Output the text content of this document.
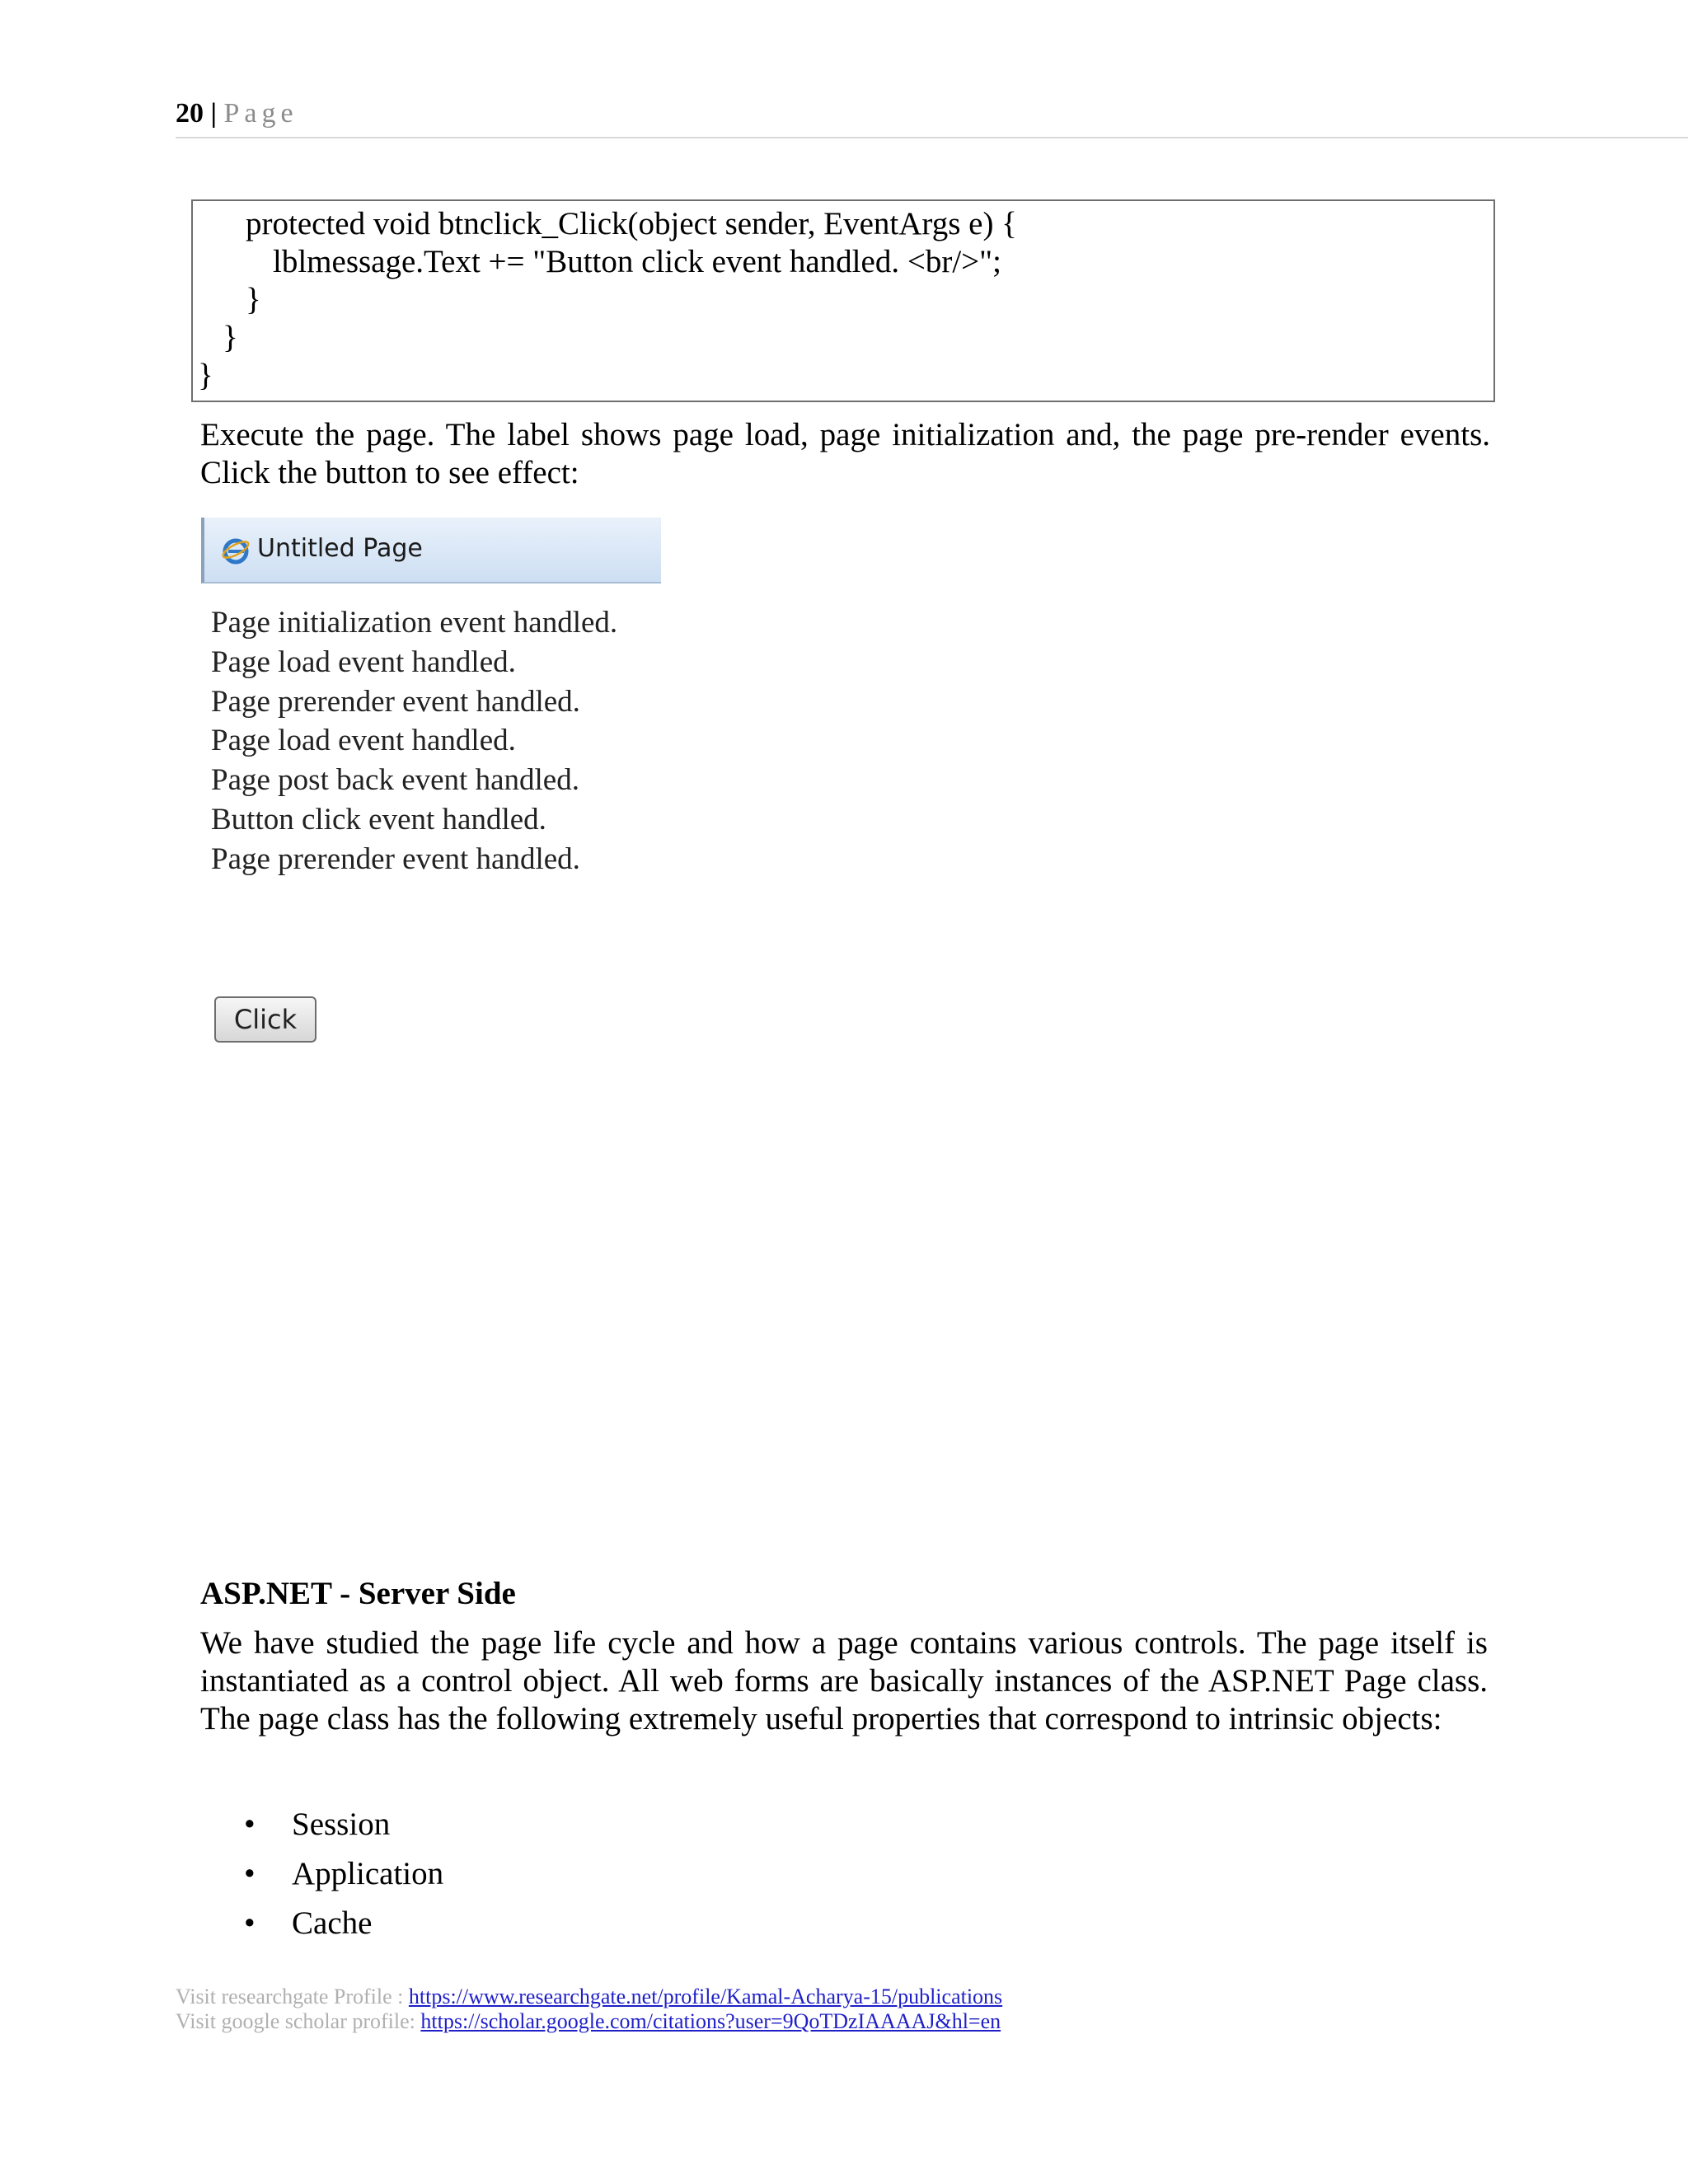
20 | Page
protected void btnclick_Click(object sender, EventArgs e) {
lblmessage.Text += "Button click event handled. <br/>";
}
}
}
Execute the page. The label shows page load, page initialization and, the page pre-render events. Click the button to see effect:
Untitled Page
Page initialization event handled.
Page load event handled.
Page prerender event handled.
Page load event handled.
Page post back event handled.
Button click event handled.
Page prerender event handled.
Click
ASP.NET - Server Side
We have studied the page life cycle and how a page contains various controls. The page itself is instantiated as a control object. All web forms are basically instances of the ASP.NET Page class. The page class has the following extremely useful properties that correspond to intrinsic objects:
• Session
• Application
• Cache
Visit researchgate Profile : https://www.researchgate.net/profile/Kamal-Acharya-15/publications
Visit google scholar profile: https://scholar.google.com/citations?user=9QoTDzIAAAAJ&hl=en
